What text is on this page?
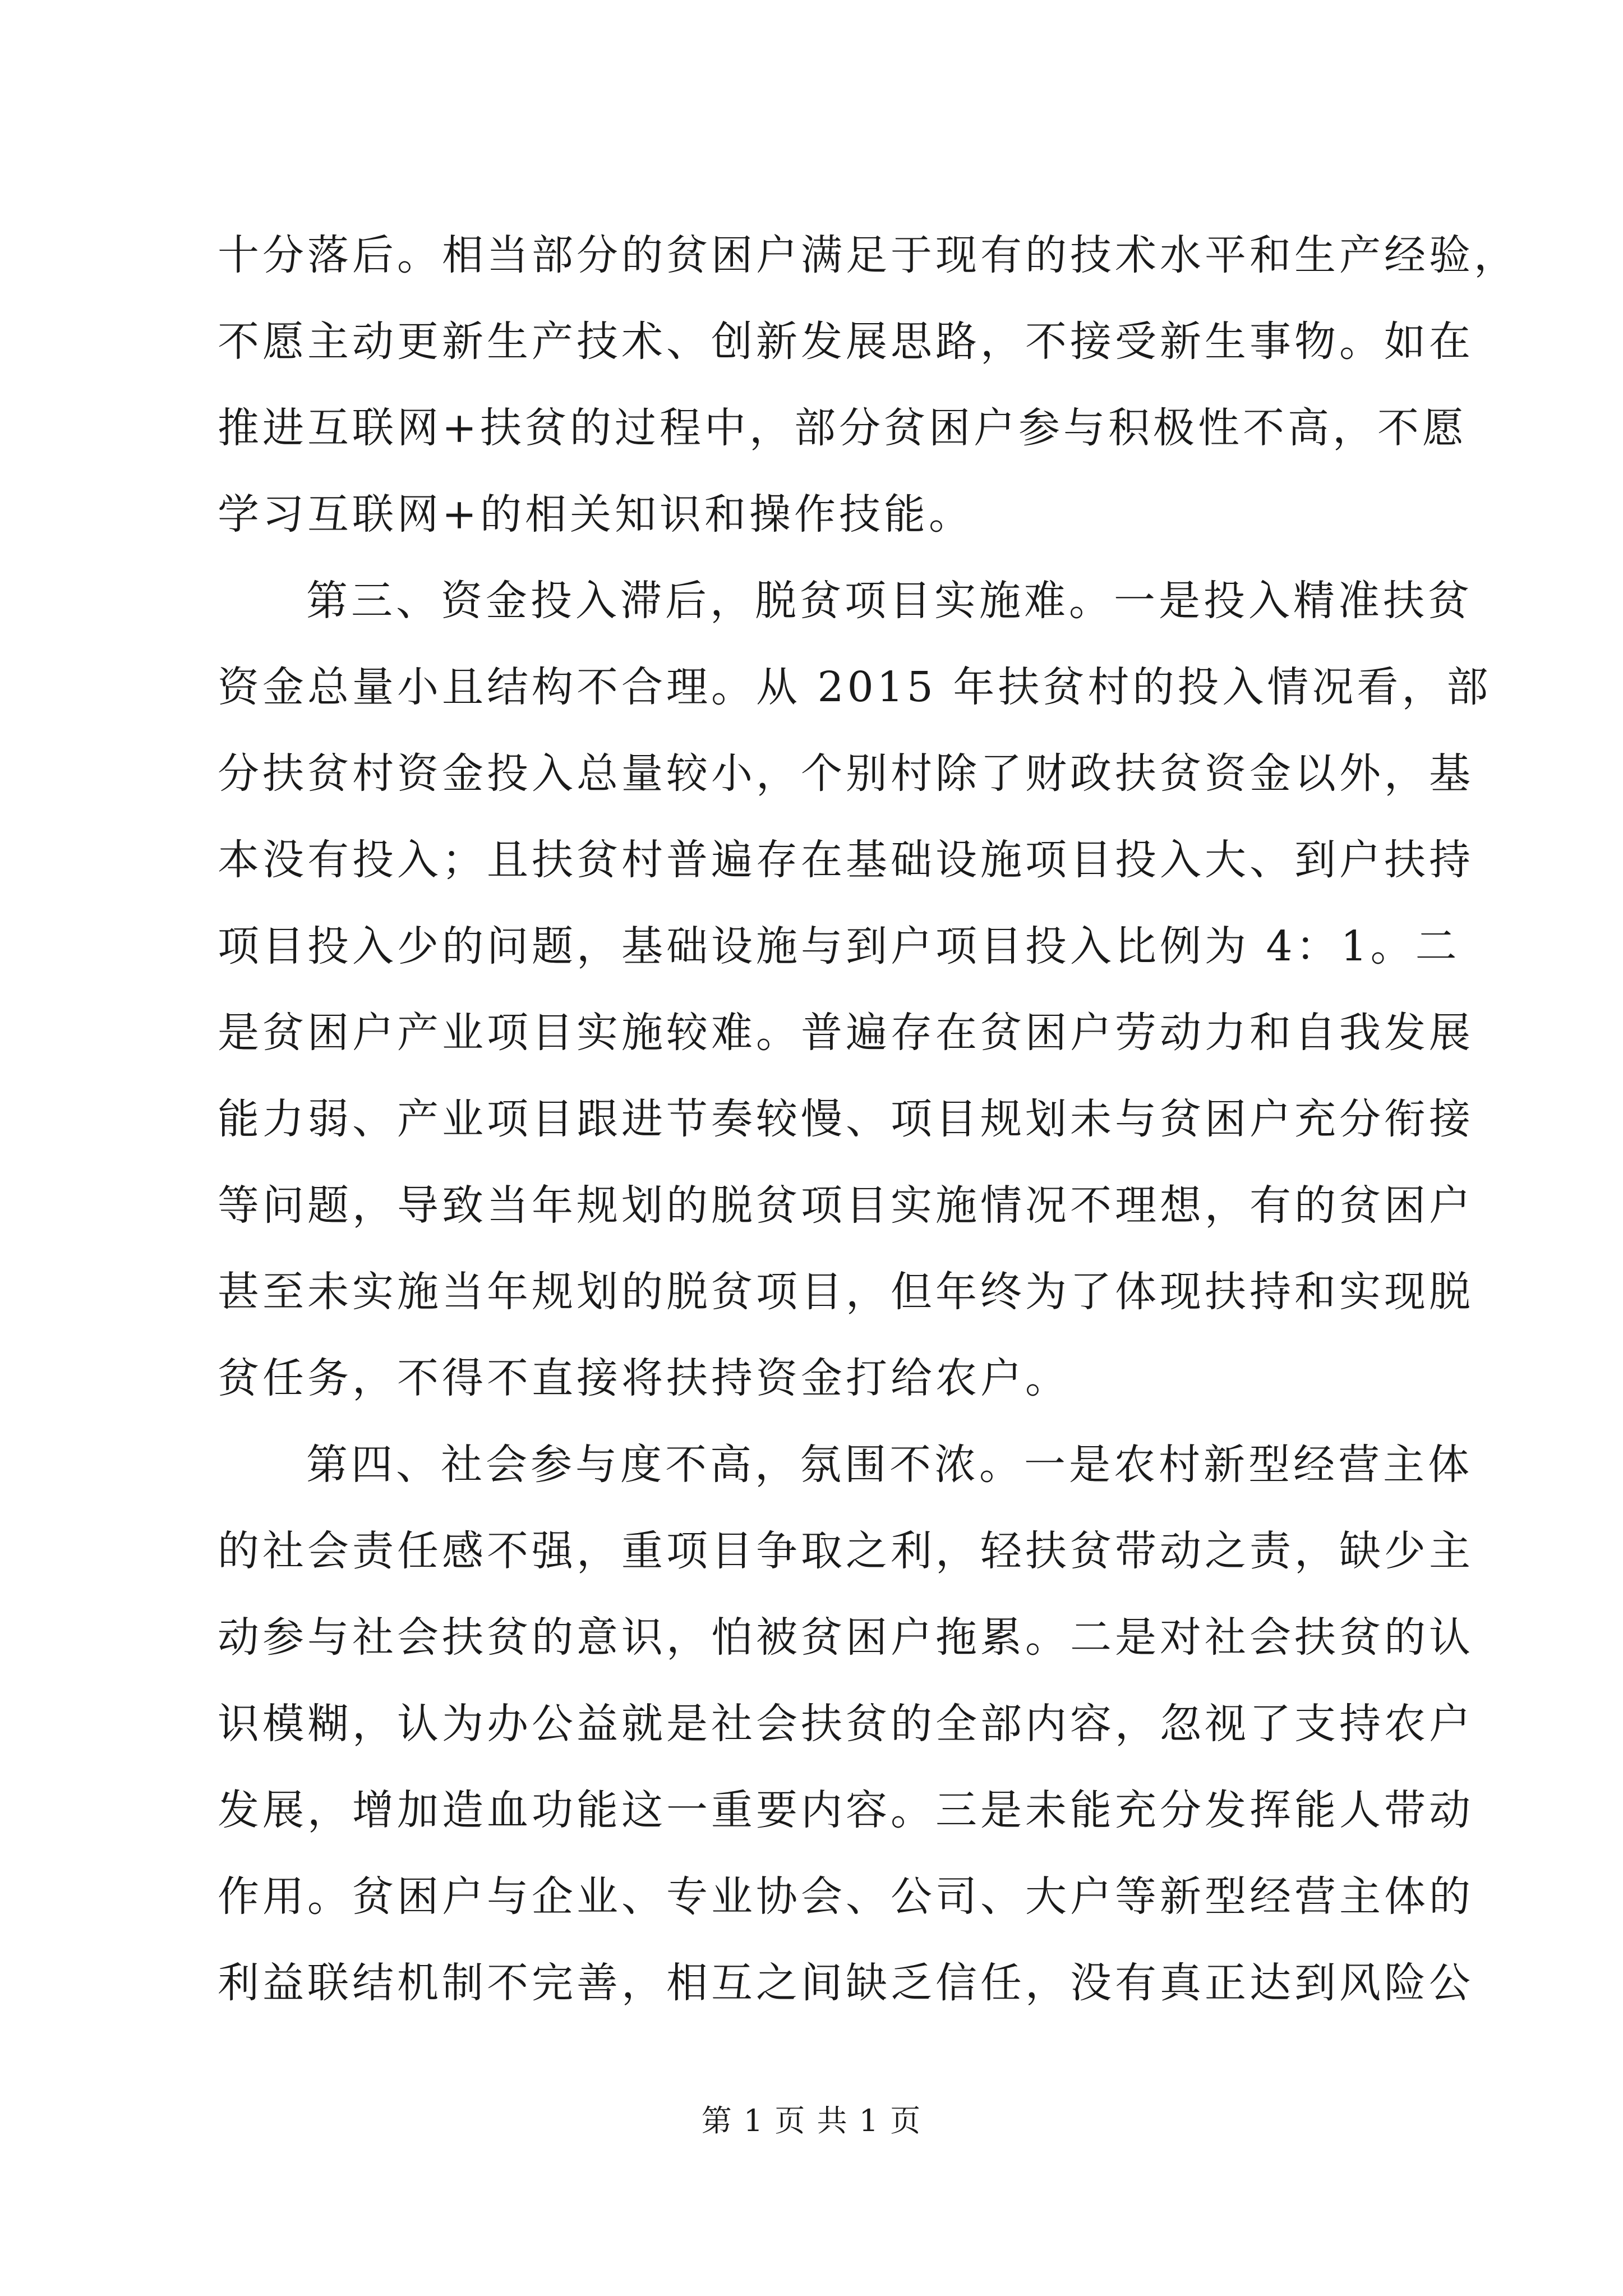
十分落后。相当部分的贫困户满足于现有的技术水平和生产经验，
不愿主动更新生产技术、创新发展思路，不接受新生事物。如在
推进互联网+扶贫的过程中，部分贫困户参与积极性不高，不愿
学习互联网+的相关知识和操作技能。
第三、资金投入滞后，脱贫项目实施难。一是投入精准扶贫
资金总量小且结构不合理。从 2015 年扶贫村的投入情况看，部
分扶贫村资金投入总量较小，个别村除了财政扶贫资金以外，基
本没有投入；且扶贫村普遍存在基础设施项目投入大、到户扶持
项目投入少的问题，基础设施与到户项目投入比例为 4：1。二
是贫困户产业项目实施较难。普遍存在贫困户劳动力和自我发展
能力弱、产业项目跟进节奏较慢、项目规划未与贫困户充分衔接
等问题，导致当年规划的脱贫项目实施情况不理想，有的贫困户
甚至未实施当年规划的脱贫项目，但年终为了体现扶持和实现脱
贫任务，不得不直接将扶持资金打给农户。
第四、社会参与度不高，氛围不浓。一是农村新型经营主体
的社会责任感不强，重项目争取之利，轻扶贫带动之责，缺少主
动参与社会扶贫的意识，怕被贫困户拖累。二是对社会扶贫的认
识模糊，认为办公益就是社会扶贫的全部内容，忽视了支持农户
发展，增加造血功能这一重要内容。三是未能充分发挥能人带动
作用。贫困户与企业、专业协会、公司、大户等新型经营主体的
利益联结机制不完善，相互之间缺乏信任，没有真正达到风险公
第 1 页 共 1 页
